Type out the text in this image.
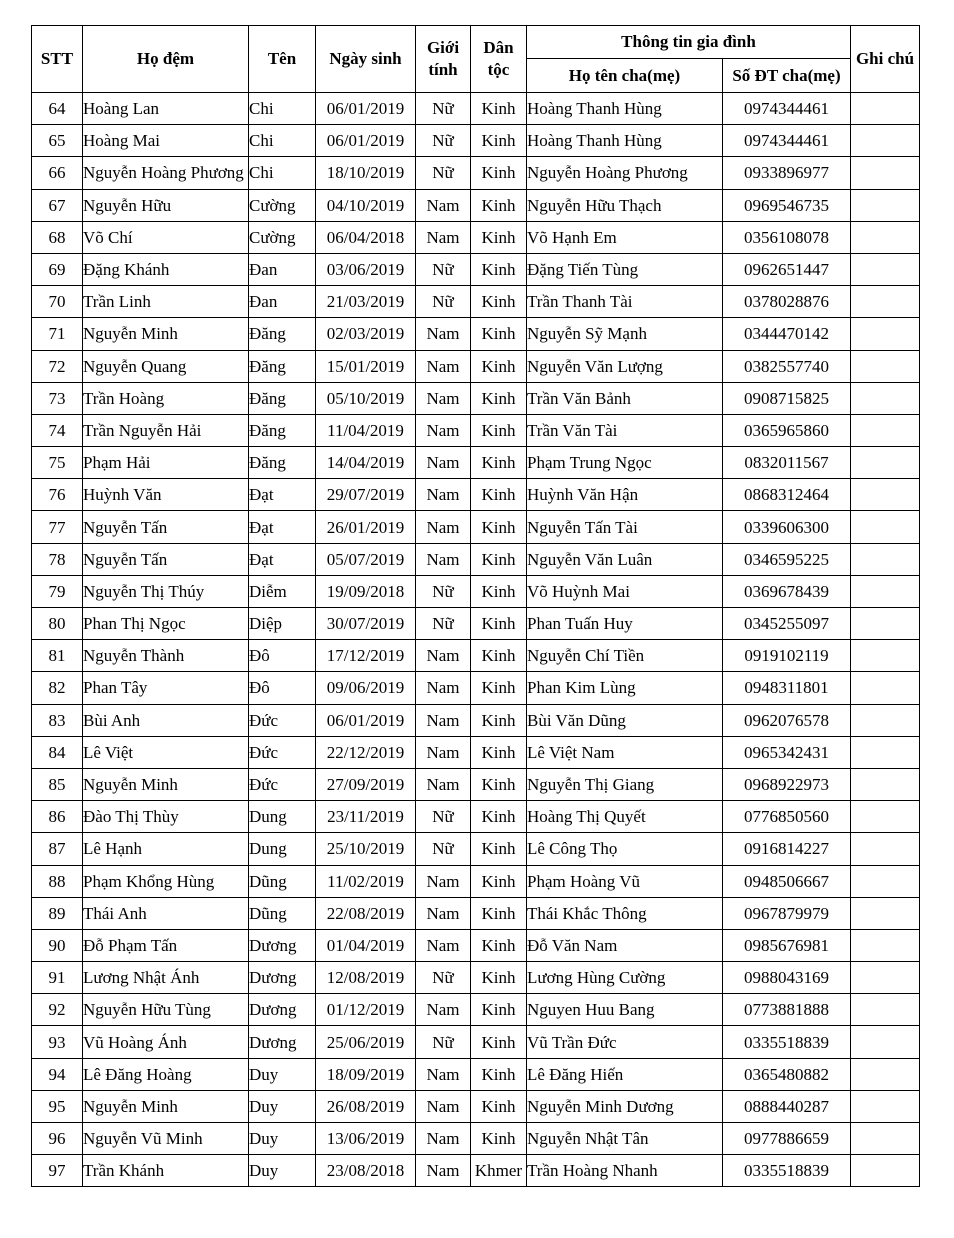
STT	Họ đệm	Tên	Ngày sinh	Giới tính	Dân tộc	Thông tin gia đình		Ghi chú
						Họ tên cha(mẹ)	Số ĐT cha(mẹ)	
64	Hoàng Lan	Chi	06/01/2019	Nữ	Kinh	Hoàng Thanh Hùng	0974344461	
65	Hoàng Mai	Chi	06/01/2019	Nữ	Kinh	Hoàng Thanh Hùng	0974344461	
66	Nguyễn Hoàng Phương	Chi	18/10/2019	Nữ	Kinh	Nguyễn Hoàng Phương	0933896977	
67	Nguyễn Hữu	Cường	04/10/2019	Nam	Kinh	Nguyễn Hữu Thạch	0969546735	
68	Võ Chí	Cường	06/04/2018	Nam	Kinh	Võ Hạnh Em	0356108078	
69	Đặng Khánh	Đan	03/06/2019	Nữ	Kinh	Đặng Tiến Tùng	0962651447	
70	Trần Linh	Đan	21/03/2019	Nữ	Kinh	Trần Thanh Tài	0378028876	
71	Nguyễn Minh	Đăng	02/03/2019	Nam	Kinh	Nguyễn Sỹ Mạnh	0344470142	
72	Nguyễn Quang	Đăng	15/01/2019	Nam	Kinh	Nguyễn Văn Lượng	0382557740	
73	Trần Hoàng	Đăng	05/10/2019	Nam	Kinh	Trần Văn Bảnh	0908715825	
74	Trần Nguyễn Hải	Đăng	11/04/2019	Nam	Kinh	Trần Văn Tài	0365965860	
75	Phạm Hải	Đăng	14/04/2019	Nam	Kinh	Phạm Trung Ngọc	0832011567	
76	Huỳnh Văn	Đạt	29/07/2019	Nam	Kinh	Huỳnh Văn Hận	0868312464	
77	Nguyễn Tấn	Đạt	26/01/2019	Nam	Kinh	Nguyễn Tấn Tài	0339606300	
78	Nguyễn Tấn	Đạt	05/07/2019	Nam	Kinh	Nguyễn Văn Luân	0346595225	
79	Nguyễn Thị Thúy	Diễm	19/09/2018	Nữ	Kinh	Võ Huỳnh Mai	0369678439	
80	Phan Thị Ngọc	Diệp	30/07/2019	Nữ	Kinh	Phan Tuấn Huy	0345255097	
81	Nguyễn Thành	Đô	17/12/2019	Nam	Kinh	Nguyễn Chí Tiền	0919102119	
82	Phan Tây	Đô	09/06/2019	Nam	Kinh	Phan Kim Lùng	0948311801	
83	Bùi Anh	Đức	06/01/2019	Nam	Kinh	Bùi Văn Dũng	0962076578	
84	Lê Việt	Đức	22/12/2019	Nam	Kinh	Lê Việt Nam	0965342431	
85	Nguyễn Minh	Đức	27/09/2019	Nam	Kinh	Nguyễn Thị Giang	0968922973	
86	Đào Thị Thùy	Dung	23/11/2019	Nữ	Kinh	Hoàng Thị Quyết	0776850560	
87	Lê Hạnh	Dung	25/10/2019	Nữ	Kinh	Lê Công Thọ	0916814227	
88	Phạm Khổng Hùng	Dũng	11/02/2019	Nam	Kinh	Phạm Hoàng Vũ	0948506667	
89	Thái Anh	Dũng	22/08/2019	Nam	Kinh	Thái Khắc Thông	0967879979	
90	Đỗ Phạm Tấn	Dương	01/04/2019	Nam	Kinh	Đỗ Văn Nam	0985676981	
91	Lương Nhật Ánh	Dương	12/08/2019	Nữ	Kinh	Lương Hùng Cường	0988043169	
92	Nguyễn Hữu Tùng	Dương	01/12/2019	Nam	Kinh	Nguyen Huu Bang	0773881888	
93	Vũ Hoàng Ánh	Dương	25/06/2019	Nữ	Kinh	Vũ Trần Đức	0335518839	
94	Lê Đăng Hoàng	Duy	18/09/2019	Nam	Kinh	Lê Đăng Hiến	0365480882	
95	Nguyễn Minh	Duy	26/08/2019	Nam	Kinh	Nguyễn Minh Dương	0888440287	
96	Nguyễn Vũ Minh	Duy	13/06/2019	Nam	Kinh	Nguyễn Nhật Tân	0977886659	
97	Trần Khánh	Duy	23/08/2018	Nam	Khmer	Trần Hoàng Nhanh	0335518839	
